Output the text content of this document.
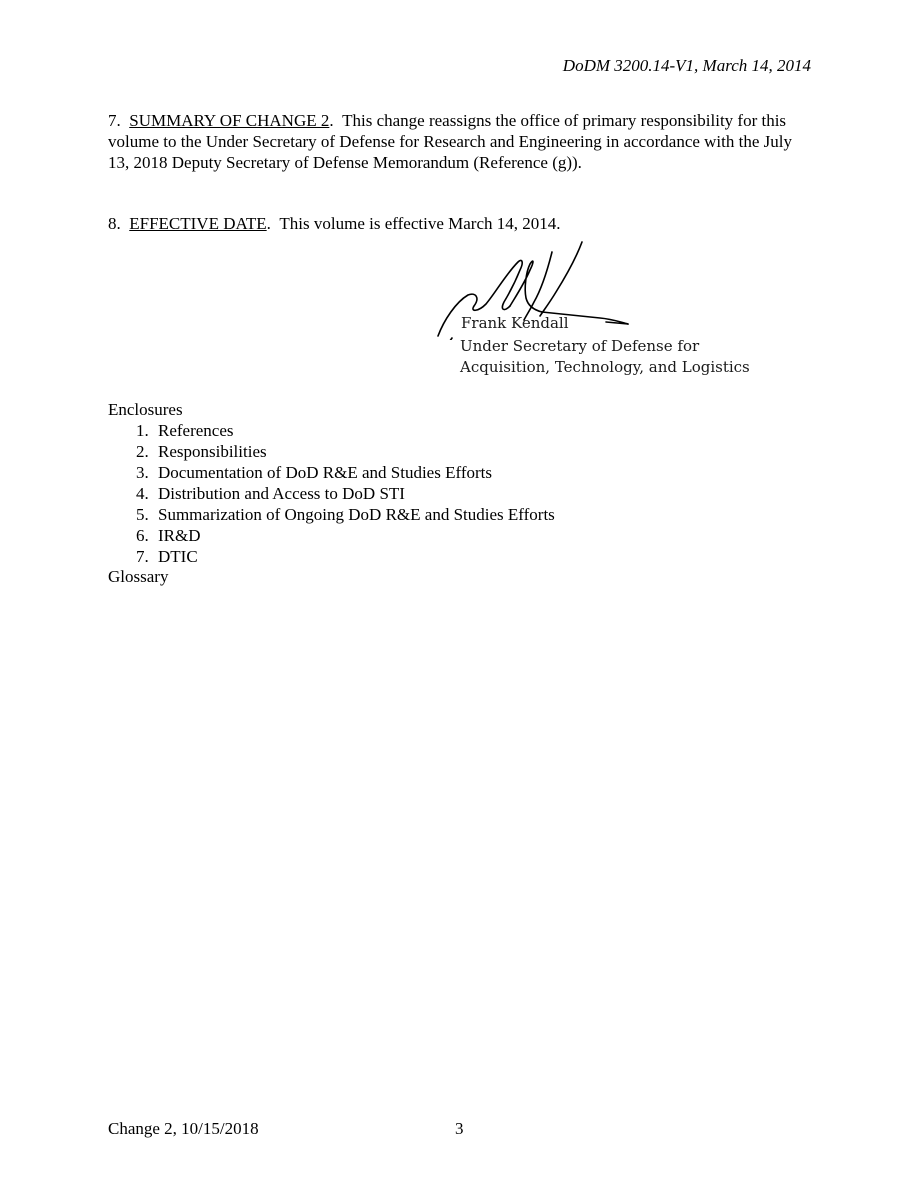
DoDM 3200.14-V1, March 14, 2014
7. SUMMARY OF CHANGE 2. This change reassigns the office of primary responsibility for this volume to the Under Secretary of Defense for Research and Engineering in accordance with the July 13, 2018 Deputy Secretary of Defense Memorandum (Reference (g)).
8. EFFECTIVE DATE. This volume is effective March 14, 2014.
Frank Kendall
Under Secretary of Defense for
Acquisition, Technology, and Logistics
Enclosures
1. References
2. Responsibilities
3. Documentation of DoD R&E and Studies Efforts
4. Distribution and Access to DoD STI
5. Summarization of Ongoing DoD R&E and Studies Efforts
6. IR&D
7. DTIC
Glossary
Change 2, 10/15/2018	3
